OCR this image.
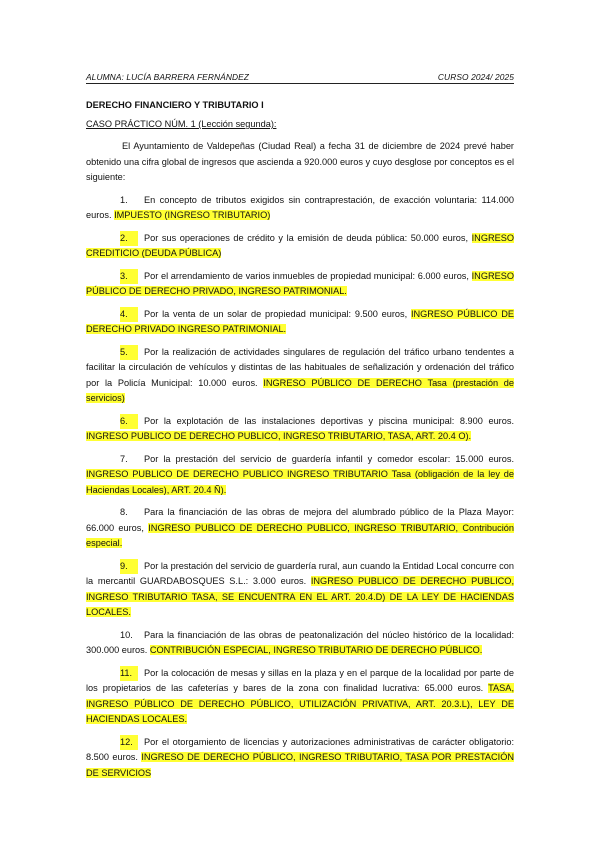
ALUMNA: LUCÍA BARRERA FERNÁNDEZ	CURSO 2024/ 2025
DERECHO FINANCIERO Y TRIBUTARIO I
CASO PRÁCTICO NÚM. 1 (Lección segunda):
El Ayuntamiento de Valdepeñas (Ciudad Real) a fecha 31 de diciembre de 2024 prevé haber obtenido una cifra global de ingresos que ascienda a 920.000 euros y cuyo desglose por conceptos es el siguiente:
1. En concepto de tributos exigidos sin contraprestación, de exacción voluntaria: 114.000 euros. IMPUESTO (INGRESO TRIBUTARIO)
2. Por sus operaciones de crédito y la emisión de deuda pública: 50.000 euros, INGRESO CREDITICIO (DEUDA PÚBLICA)
3. Por el arrendamiento de varios inmuebles de propiedad municipal: 6.000 euros, INGRESO PÚBLICO DE DERECHO PRIVADO, INGRESO PATRIMONIAL.
4. Por la venta de un solar de propiedad municipal: 9.500 euros, INGRESO PÚBLICO DE DERECHO PRIVADO INGRESO PATRIMONIAL.
5. Por la realización de actividades singulares de regulación del tráfico urbano tendentes a facilitar la circulación de vehículos y distintas de las habituales de señalización y ordenación del tráfico por la Policía Municipal: 10.000 euros. INGRESO PÚBLICO DE DERECHO Tasa (prestación de servicios)
6. Por la explotación de las instalaciones deportivas y piscina municipal: 8.900 euros. INGRESO PUBLICO DE DERECHO PUBLICO, INGRESO TRIBUTARIO, TASA, ART. 20.4 O).
7. Por la prestación del servicio de guardería infantil y comedor escolar: 15.000 euros. INGRESO PUBLICO DE DERECHO PUBLICO INGRESO TRIBUTARIO Tasa (obligación de la ley de Haciendas Locales), ART. 20.4 Ñ).
8. Para la financiación de las obras de mejora del alumbrado público de la Plaza Mayor: 66.000 euros, INGRESO PUBLICO DE DERECHO PUBLICO, INGRESO TRIBUTARIO, Contribución especial.
9. Por la prestación del servicio de guardería rural, aun cuando la Entidad Local concurre con la mercantil GUARDABOSQUES S.L.: 3.000 euros. INGRESO PUBLICO DE DERECHO PUBLICO, INGRESO TRIBUTARIO TASA, SE ENCUENTRA EN EL ART. 20.4.D) DE LA LEY DE HACIENDAS LOCALES.
10. Para la financiación de las obras de peatonalización del núcleo histórico de la localidad: 300.000 euros. CONTRIBUCIÓN ESPECIAL, INGRESO TRIBUTARIO DE DERECHO PÚBLICO.
11. Por la colocación de mesas y sillas en la plaza y en el parque de la localidad por parte de los propietarios de las cafeterías y bares de la zona con finalidad lucrativa: 65.000 euros. TASA, INGRESO PÚBLICO DE DERECHO PÚBLICO, UTILIZACIÓN PRIVATIVA, ART. 20.3.L), LEY DE HACIENDAS LOCALES.
12. Por el otorgamiento de licencias y autorizaciones administrativas de carácter obligatorio: 8.500 euros. INGRESO DE DERECHO PÚBLICO, INGRESO TRIBUTARIO, TASA POR PRESTACIÓN DE SERVICIOS
